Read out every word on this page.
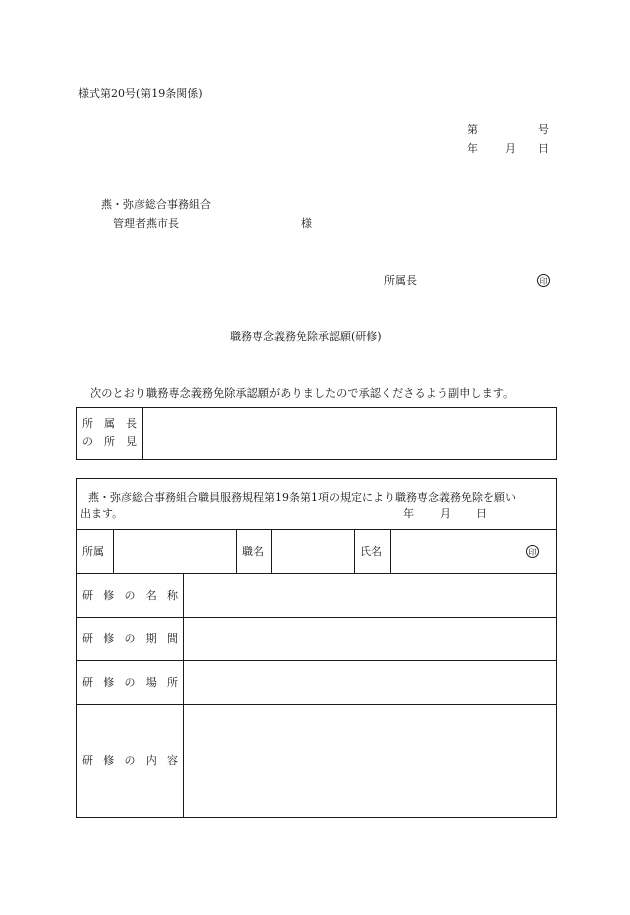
様式第20号(第19条関係)
第	号
年 月 日
燕・弥彦総合事務組合
管理者燕市長	様
所属長	印
職務専念義務免除承認願(研修)
次のとおり職務専念義務免除承認願がありましたので承認くださるよう副申します。
所 属 長
の 所 見
燕・弥彦総合事務組合職員服務規程第19条第1項の規定により職務専念義務免除を願い
出ます。	年 月 日
所属	職名	氏名	印
研 修 の 名 称
研 修 の 期 間
研 修 の 場 所
研 修 の 内 容
